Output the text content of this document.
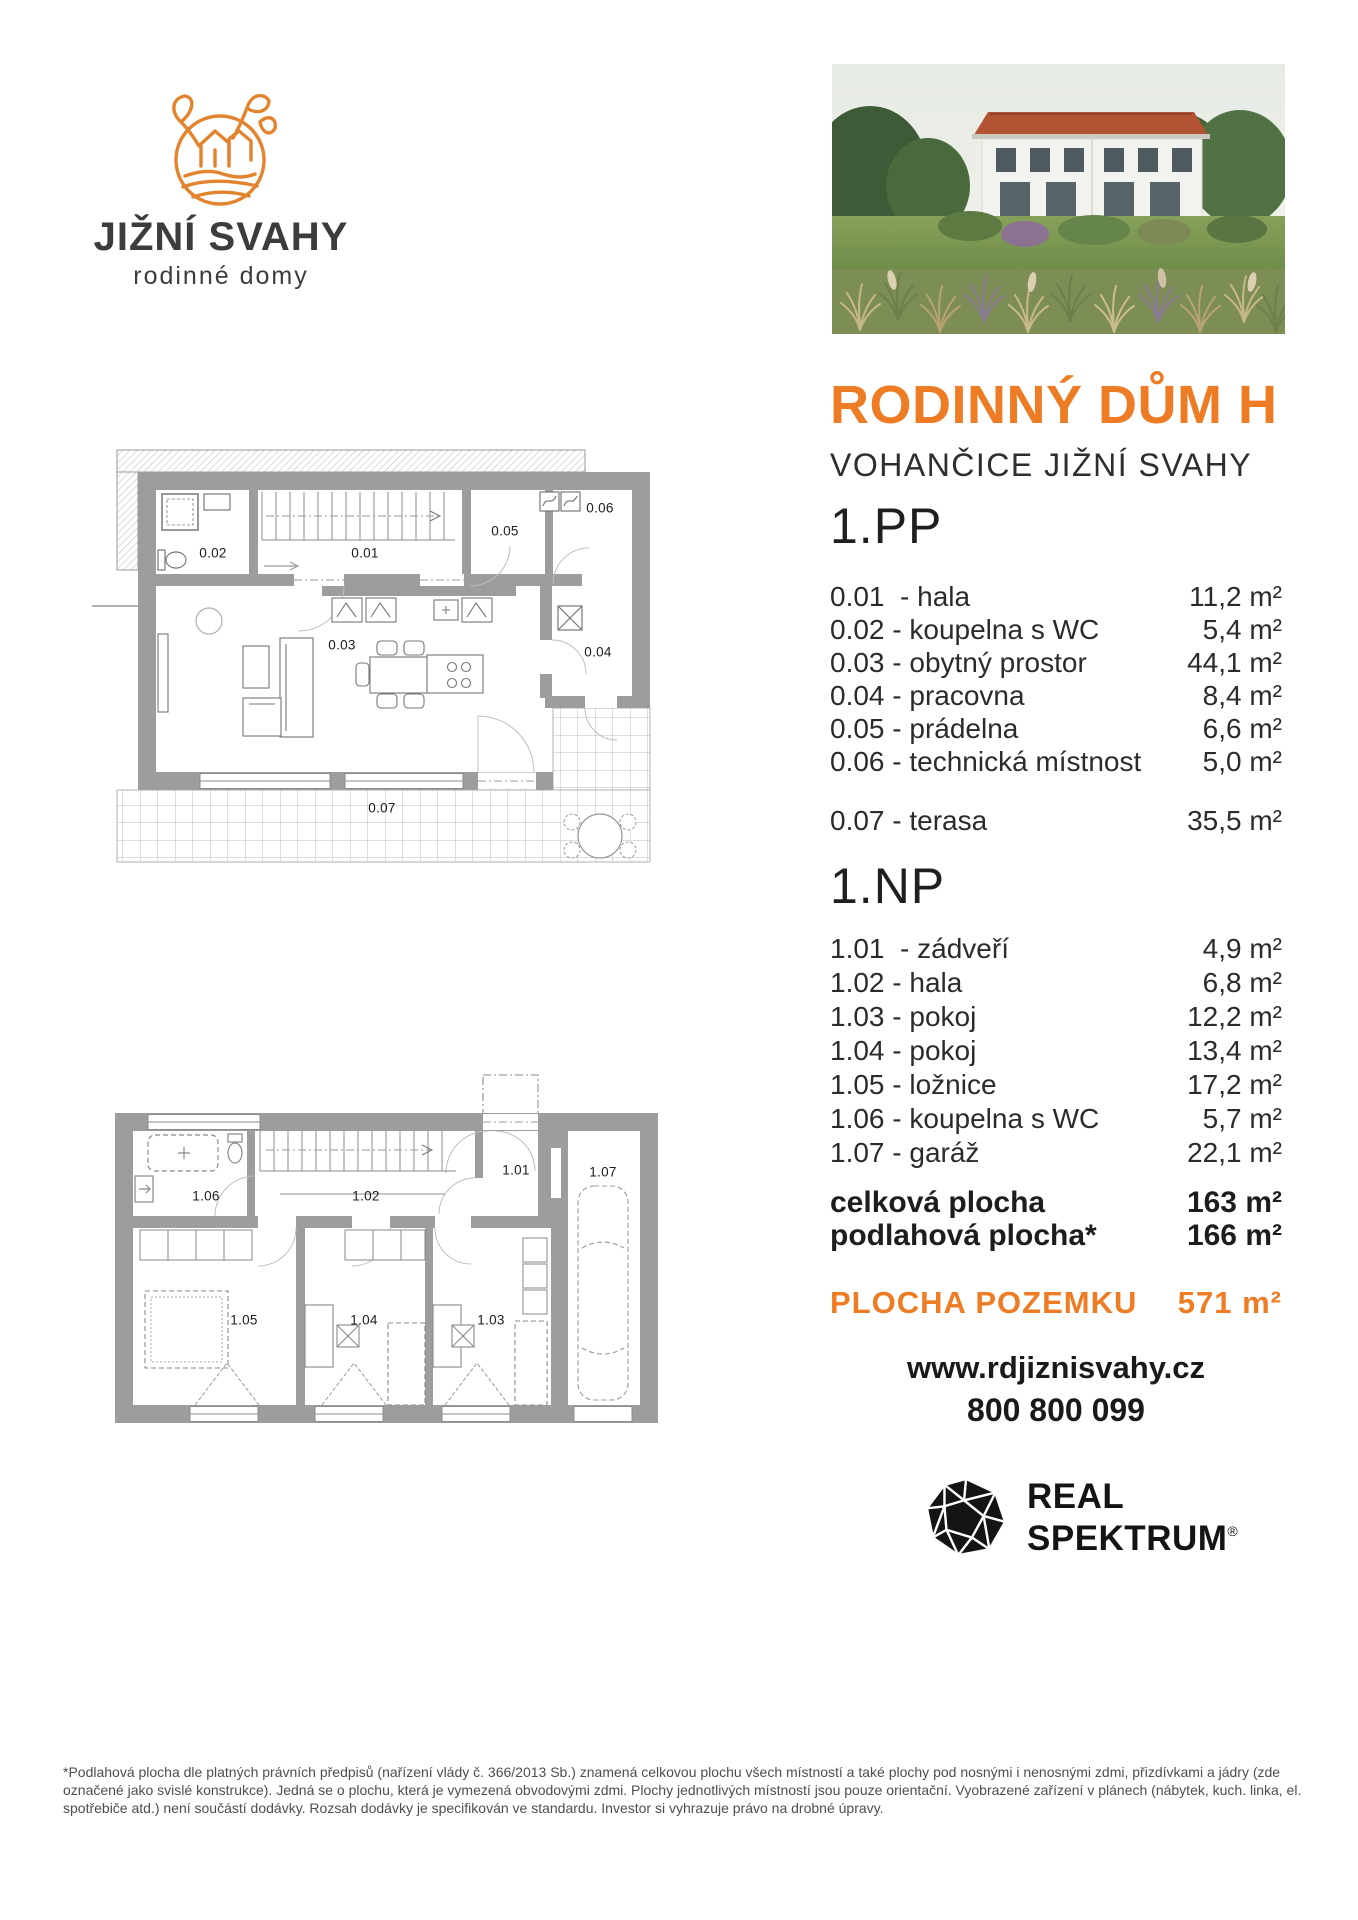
JIŽNÍ SVAHY
rodinné domy
RODINNÝ DŮM H
VOHANČICE JIŽNÍ SVAHY
1.PP
0.01  - hala	11,2 m²
0.02 - koupelna s WC	5,4 m²
0.03 - obytný prostor	44,1 m²
0.04 - pracovna	8,4 m²
0.05 - prádelna	6,6 m²
0.06 - technická místnost 5,0 m²
0.07 - terasa	35,5 m²
1.NP
1.01  - zádveří	4,9 m²
1.02 - hala	6,8 m²
1.03 - pokoj	12,2 m²
1.04 - pokoj	13,4 m²
1.05 - ložnice	17,2 m²
1.06 - koupelna s WC	5,7 m²
1.07 - garáž	22,1 m²
celková plocha	163 m²
podlahová plocha*	166 m²
PLOCHA POZEMKU 571 m²
www.rdjiznisvahy.cz
800 800 099
REAL
SPEKTRUM®
0.02	0.01
0.05
0.06
0.03	0.04
0.07
1.06	1.02
1.01
1.05	1.04	1.03
1.07
*Podlahová plocha dle platných právních předpisů (nařízení vlády č. 366/2013 Sb.) znamená celkovou plochu všech místností a také plochy pod nosnými i nenosnými zdmi, přizdívkami a jádry (zde označené jako svislé konstrukce). Jedná se o plochu, která je vymezená obvodovými zdmi. Plochy jednotlivých místností jsou pouze orientační. Vyobrazené zařízení v plánech (nábytek, kuch. linka, el. spotřebiče atd.) není součástí dodávky. Rozsah dodávky je specifikován ve standardu. Investor si vyhrazuje právo na drobné úpravy.
